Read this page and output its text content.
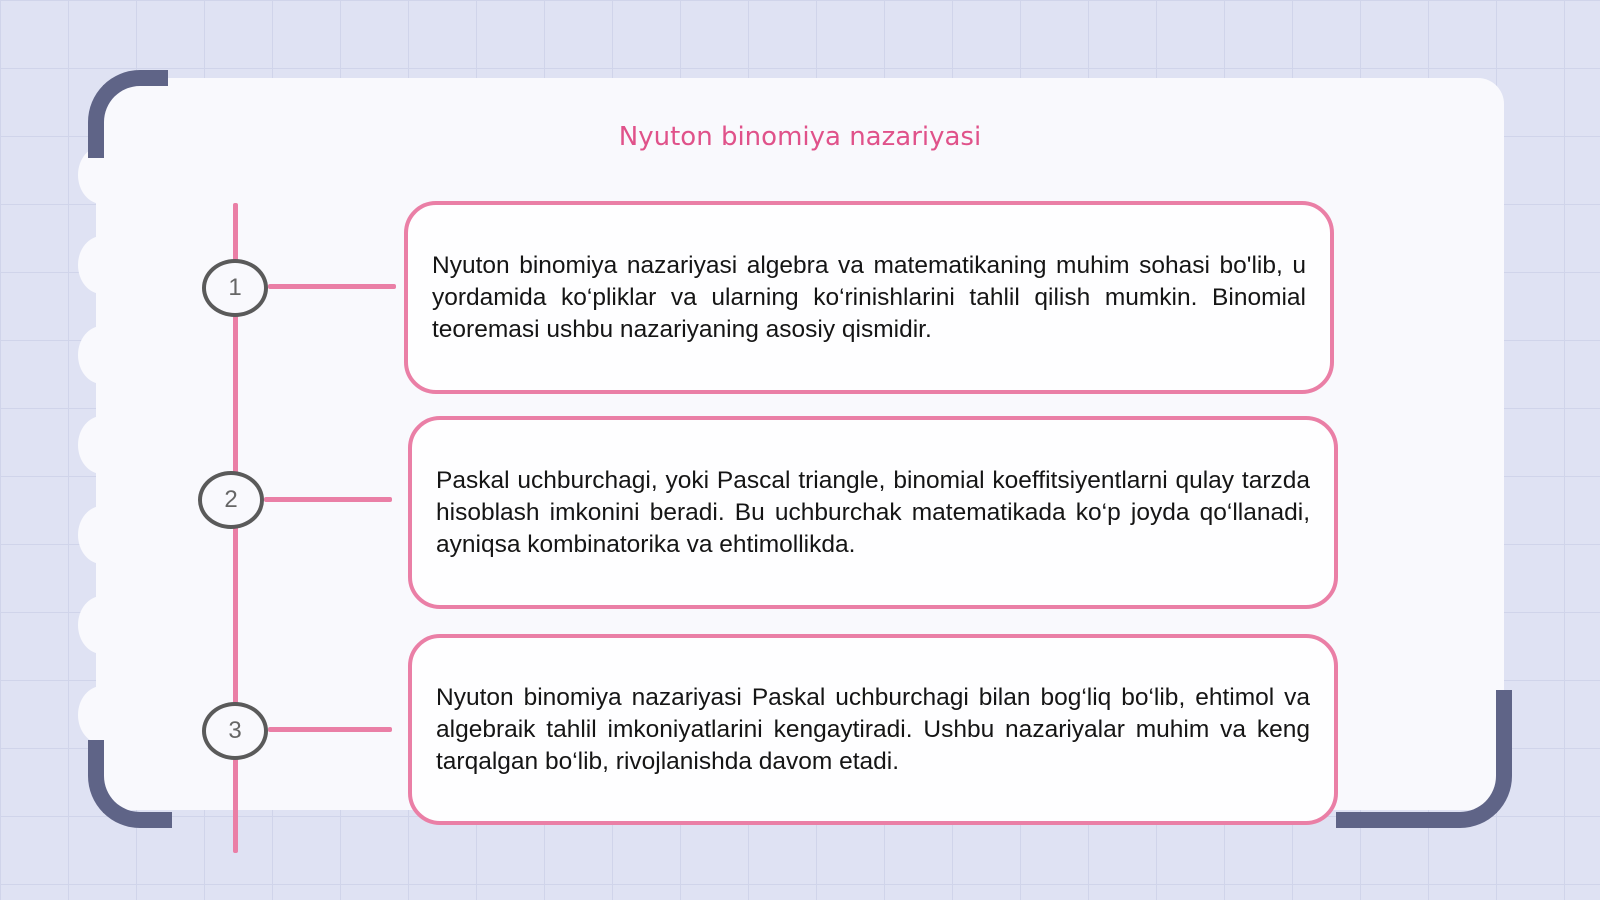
Nyuton binomiya nazariyasi
1

Nyuton binomiya nazariyasi algebra va matematikaning muhim sohasi bo'lib, u yordamida ko‘pliklar va ularning ko‘rinishlarini tahlil qilish mumkin. Binomial teoremasi ushbu nazariyaning asosiy qismidir.

2

Paskal uchburchagi, yoki Pascal triangle, binomial koeffitsiyentlarni qulay tarzda hisoblash imkonini beradi. Bu uchburchak matematikada ko‘p joyda qo‘llanadi, ayniqsa kombinatorika va ehtimollikda.

3

Nyuton binomiya nazariyasi Paskal uchburchagi bilan bog‘liq bo‘lib, ehtimol va algebraik tahlil imkoniyatlarini kengaytiradi. Ushbu nazariyalar muhim va keng tarqalgan bo‘lib, rivojlanishda davom etadi.
